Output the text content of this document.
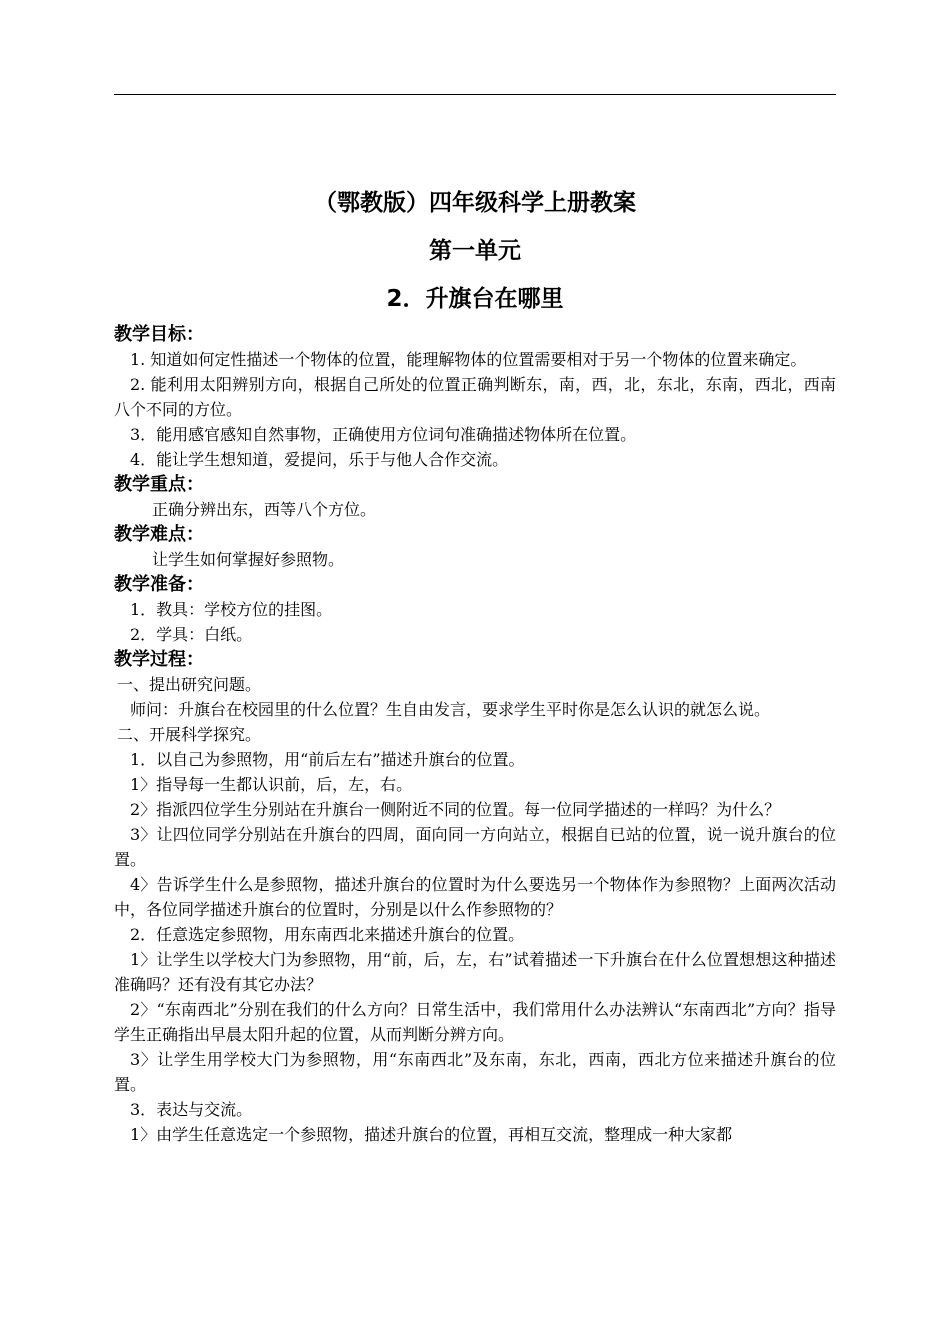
（鄂教版）四年级科学上册教案
第一单元
2．升旗台在哪里
教学目标：

1. 知道如何定性描述一个物体的位置，能理解物体的位置需要相对于另一个物体的位置来确定。

2. 能利用太阳辨别方向，根据自己所处的位置正确判断东，南，西，北，东北，东南，西北，西南八个不同的方位。

3．能用感官感知自然事物，正确使用方位词句准确描述物体所在位置。

4．能让学生想知道，爱提问，乐于与他人合作交流。

教学重点：

正确分辨出东，西等八个方位。

教学难点：

让学生如何掌握好参照物。

教学准备：

1．教具：学校方位的挂图。

2．学具：白纸。

教学过程：

一、提出研究问题。

师问：升旗台在校园里的什么位置？生自由发言，要求学生平时你是怎么认识的就怎么说。

二、开展科学探究。

1．以自己为参照物，用“前后左右”描述升旗台的位置。

1〉指导每一生都认识前，后，左，右。

2〉指派四位学生分别站在升旗台一侧附近不同的位置。每一位同学描述的一样吗？为什么？

3〉让四位同学分别站在升旗台的四周，面向同一方向站立，根据自已站的位置，说一说升旗台的位置。

4〉告诉学生什么是参照物，描述升旗台的位置时为什么要选另一个物体作为参照物？上面两次活动中，各位同学描述升旗台的位置时，分别是以什么作参照物的？

2．任意选定参照物，用东南西北来描述升旗台的位置。

1〉让学生以学校大门为参照物，用“前，后，左，右”试着描述一下升旗台在什么位置想想这种描述准确吗？还有没有其它办法？

2〉“东南西北”分别在我们的什么方向？日常生活中，我们常用什么办法辨认“东南西北”方向？指导学生正确指出早晨太阳升起的位置，从而判断分辨方向。

3〉让学生用学校大门为参照物，用“东南西北”及东南，东北，西南，西北方位来描述升旗台的位置。

3．表达与交流。

1〉由学生任意选定一个参照物，描述升旗台的位置，再相互交流，整理成一种大家都
